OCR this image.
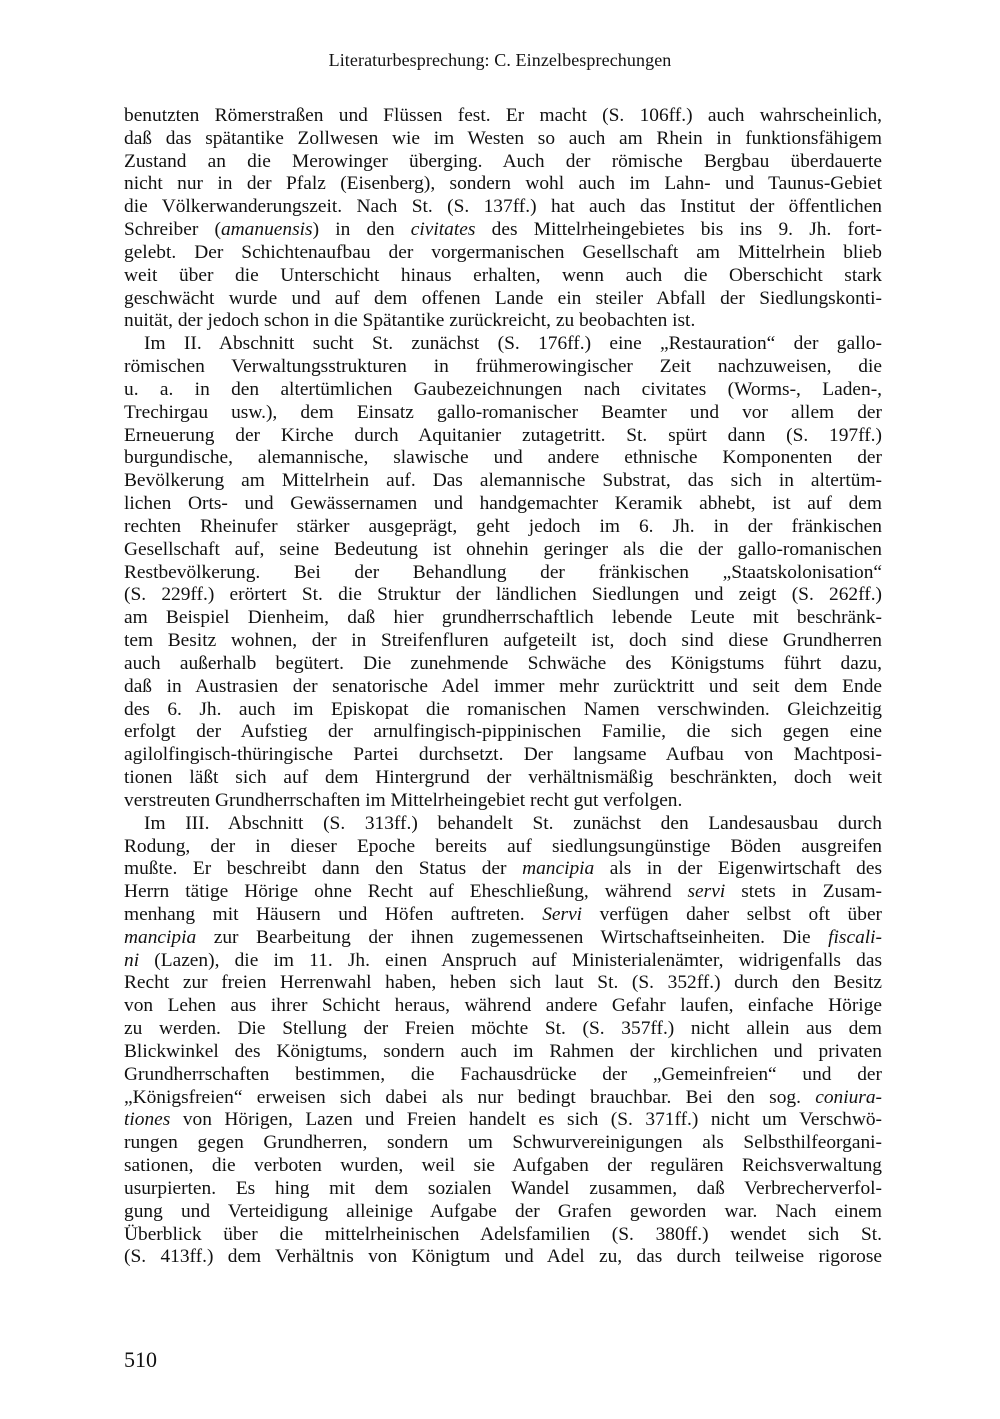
Literaturbesprechung: C. Einzelbesprechungen
benutzten Römerstraßen und Flüssen fest. Er macht (S. 106ff.) auch wahrscheinlich,
daß das spätantike Zollwesen wie im Westen so auch am Rhein in funktionsfähigem
Zustand an die Merowinger überging. Auch der römische Bergbau überdauerte
nicht nur in der Pfalz (Eisenberg), sondern wohl auch im Lahn- und Taunus-Gebiet
die Völkerwanderungszeit. Nach St. (S. 137ff.) hat auch das Institut der öffentlichen
Schreiber (amanuensis) in den civitates des Mittelrheingebietes bis ins 9. Jh. fort-
gelebt. Der Schichtenaufbau der vorgermanischen Gesellschaft am Mittelrhein blieb
weit über die Unterschicht hinaus erhalten, wenn auch die Oberschicht stark
geschwächt wurde und auf dem offenen Lande ein steiler Abfall der Siedlungskonti-
nuität, der jedoch schon in die Spätantike zurückreicht, zu beobachten ist.
Im II. Abschnitt sucht St. zunächst (S. 176ff.) eine „Restauration“ der gallo-
römischen Verwaltungsstrukturen in frühmerowingischer Zeit nachzuweisen, die
u. a. in den altertümlichen Gaubezeichnungen nach civitates (Worms-, Laden-,
Trechirgau usw.), dem Einsatz gallo-romanischer Beamter und vor allem der
Erneuerung der Kirche durch Aquitanier zutagetritt. St. spürt dann (S. 197ff.)
burgundische, alemannische, slawische und andere ethnische Komponenten der
Bevölkerung am Mittelrhein auf. Das alemannische Substrat, das sich in altertüm-
lichen Orts- und Gewässernamen und handgemachter Keramik abhebt, ist auf dem
rechten Rheinufer stärker ausgeprägt, geht jedoch im 6. Jh. in der fränkischen
Gesellschaft auf, seine Bedeutung ist ohnehin geringer als die der gallo-romanischen
Restbevölkerung. Bei der Behandlung der fränkischen „Staatskolonisation“
(S. 229ff.) erörtert St. die Struktur der ländlichen Siedlungen und zeigt (S. 262ff.)
am Beispiel Dienheim, daß hier grundherrschaftlich lebende Leute mit beschränk-
tem Besitz wohnen, der in Streifenfluren aufgeteilt ist, doch sind diese Grundherren
auch außerhalb begütert. Die zunehmende Schwäche des Königstums führt dazu,
daß in Austrasien der senatorische Adel immer mehr zurücktritt und seit dem Ende
des 6. Jh. auch im Episkopat die romanischen Namen verschwinden. Gleichzeitig
erfolgt der Aufstieg der arnulfingisch-pippinischen Familie, die sich gegen eine
agilolfingisch-thüringische Partei durchsetzt. Der langsame Aufbau von Machtposi-
tionen läßt sich auf dem Hintergrund der verhältnismäßig beschränkten, doch weit
verstreuten Grundherrschaften im Mittelrheingebiet recht gut verfolgen.
Im III. Abschnitt (S. 313ff.) behandelt St. zunächst den Landesausbau durch
Rodung, der in dieser Epoche bereits auf siedlungsungünstige Böden ausgreifen
mußte. Er beschreibt dann den Status der mancipia als in der Eigenwirtschaft des
Herrn tätige Hörige ohne Recht auf Eheschließung, während servi stets in Zusam-
menhang mit Häusern und Höfen auftreten. Servi verfügen daher selbst oft über
mancipia zur Bearbeitung der ihnen zugemessenen Wirtschaftseinheiten. Die fiscali-
ni (Lazen), die im 11. Jh. einen Anspruch auf Ministerialenämter, widrigenfalls das
Recht zur freien Herrenwahl haben, heben sich laut St. (S. 352ff.) durch den Besitz
von Lehen aus ihrer Schicht heraus, während andere Gefahr laufen, einfache Hörige
zu werden. Die Stellung der Freien möchte St. (S. 357ff.) nicht allein aus dem
Blickwinkel des Königtums, sondern auch im Rahmen der kirchlichen und privaten
Grundherrschaften bestimmen, die Fachausdrücke der „Gemeinfreien“ und der
„Königsfreien“ erweisen sich dabei als nur bedingt brauchbar. Bei den sog. coniura-
tiones von Hörigen, Lazen und Freien handelt es sich (S. 371ff.) nicht um Verschwö-
rungen gegen Grundherren, sondern um Schwurvereinigungen als Selbsthilfeorgani-
sationen, die verboten wurden, weil sie Aufgaben der regulären Reichsverwaltung
usurpierten. Es hing mit dem sozialen Wandel zusammen, daß Verbrecherverfol-
gung und Verteidigung alleinige Aufgabe der Grafen geworden war. Nach einem
Überblick über die mittelrheinischen Adelsfamilien (S. 380ff.) wendet sich St.
(S. 413ff.) dem Verhältnis von Königtum und Adel zu, das durch teilweise rigorose
510
